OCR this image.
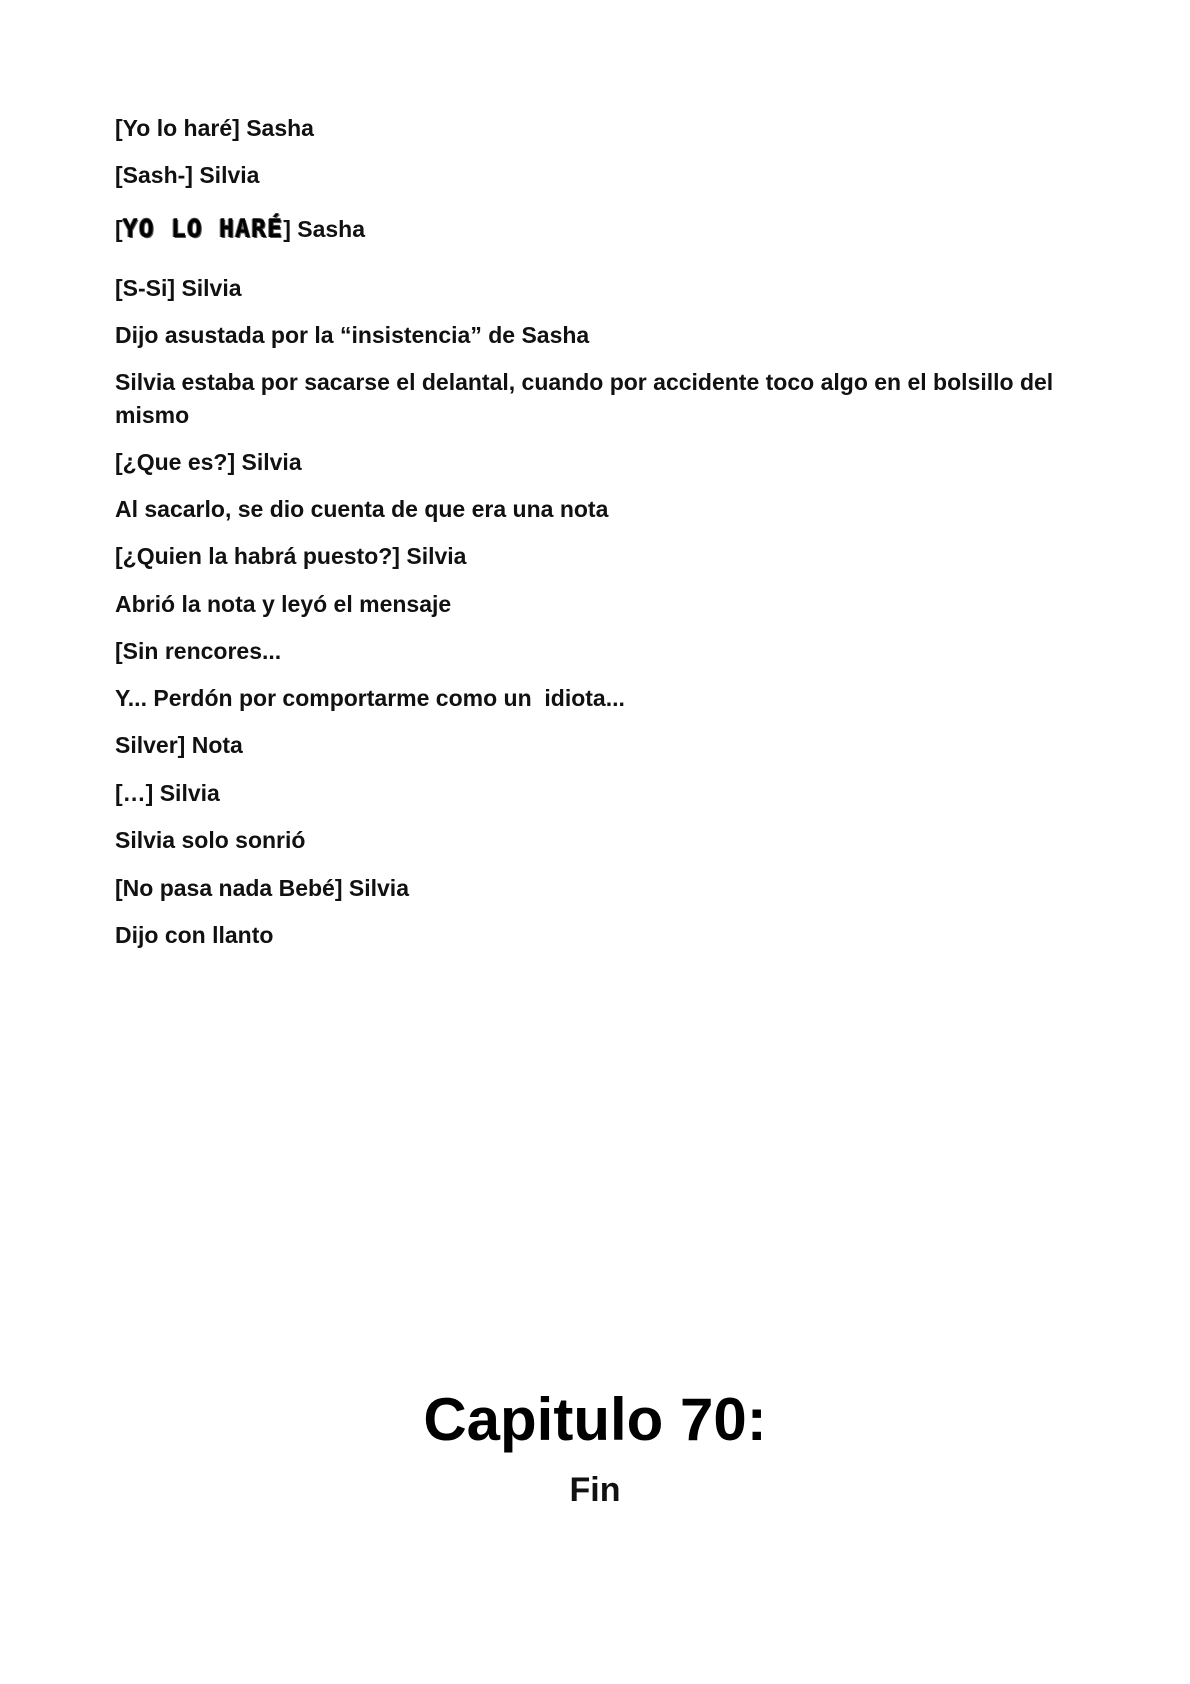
[Yo lo haré] Sasha
[Sash-] Silvia
[YO LO HARÉ] Sasha
[S-Si] Silvia
Dijo asustada por la “insistencia” de Sasha
Silvia estaba por sacarse el delantal, cuando por accidente toco algo en el bolsillo del mismo
[¿Que es?] Silvia
Al sacarlo, se dio cuenta de que era una nota
[¿Quien la habrá puesto?] Silvia
Abrió la nota y leyó el mensaje
[Sin rencores...
Y... Perdón por comportarme como un  idiota...
Silver] Nota
[…] Silvia
Silvia solo sonrió
[No pasa nada Bebé] Silvia
Dijo con llanto
Capitulo 70:
Fin
